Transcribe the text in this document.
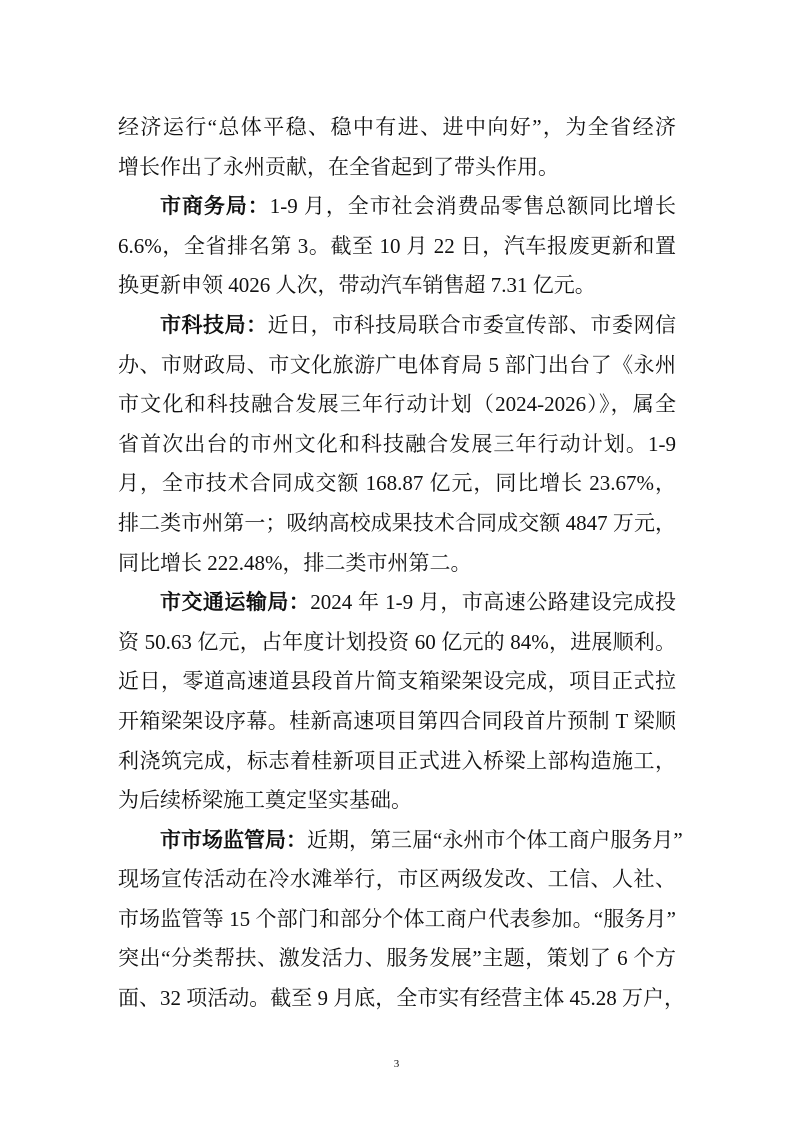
经济运行“总体平稳、稳中有进、进中向好”，为全省经济
增长作出了永州贡献，在全省起到了带头作用。
市商务局：1-9 月，全市社会消费品零售总额同比增长
6.6%，全省排名第 3。截至 10 月 22 日，汽车报废更新和置
换更新申领 4026 人次，带动汽车销售超 7.31 亿元。
市科技局：近日，市科技局联合市委宣传部、市委网信
办、市财政局、市文化旅游广电体育局 5 部门出台了《永州
市文化和科技融合发展三年行动计划（2024-2026）》，属全
省首次出台的市州文化和科技融合发展三年行动计划。1-9
月，全市技术合同成交额 168.87 亿元，同比增长 23.67%，
排二类市州第一；吸纳高校成果技术合同成交额 4847 万元，
同比增长 222.48%，排二类市州第二。
市交通运输局：2024 年 1-9 月，市高速公路建设完成投
资 50.63 亿元，占年度计划投资 60 亿元的 84%，进展顺利。
近日，零道高速道县段首片简支箱梁架设完成，项目正式拉
开箱梁架设序幕。桂新高速项目第四合同段首片预制 T 梁顺
利浇筑完成，标志着桂新项目正式进入桥梁上部构造施工，
为后续桥梁施工奠定坚实基础。
市市场监管局：近期，第三届“永州市个体工商户服务月”
现场宣传活动在冷水滩举行，市区两级发改、工信、人社、
市场监管等 15 个部门和部分个体工商户代表参加。“服务月”
突出“分类帮扶、激发活力、服务发展”主题，策划了 6 个方
面、32 项活动。截至 9 月底，全市实有经营主体 45.28 万户，
3
